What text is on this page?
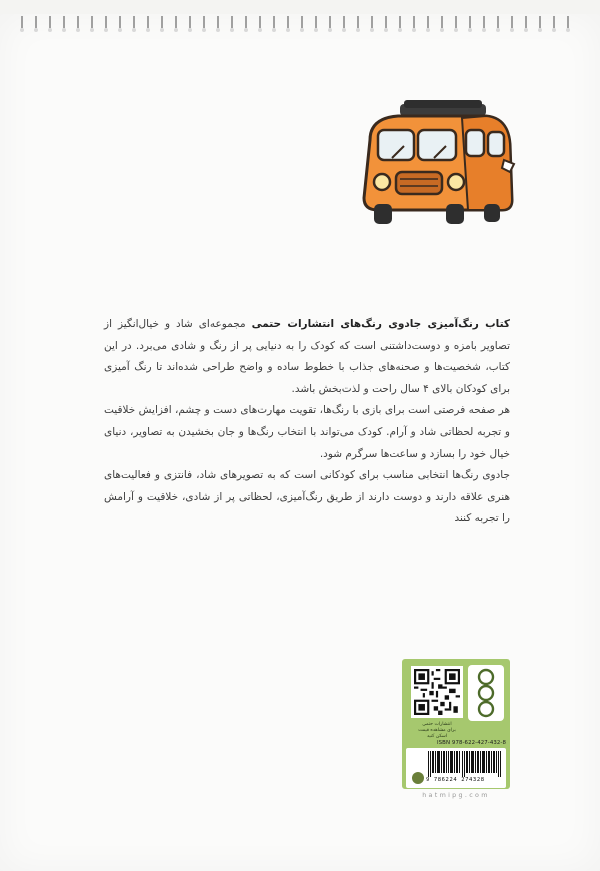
کتاب رنگ‌آمیزی جادوی رنگ‌های انتشارات حتمی مجموعه‌ای شاد و خیال‌انگیز از تصاویر بامزه و دوست‌داشتنی است که کودک را به دنیایی پر از رنگ و شادی می‌برد. در این کتاب، شخصیت‌ها و صحنه‌های جذاب با خطوط ساده و واضح طراحی شده‌اند تا رنگ آمیزی برای کودکان بالای ۴ سال راحت و لذت‌بخش باشد.

هر صفحه فرصتی است برای بازی با رنگ‌ها، تقویت مهارت‌های دست و چشم، افزایش خلاقیت و تجربه لحظاتی شاد و آرام. کودک می‌تواند با انتخاب رنگ‌ها و جان بخشیدن به تصاویر، دنیای خیال خود را بسازد و ساعت‌ها سرگرم شود.

جادوی رنگ‌ها انتخابی مناسب برای کودکانی است که به تصویرهای شاد، فانتزی و فعالیت‌های هنری علاقه دارند و دوست دارند از طریق رنگ‌آمیزی، لحظاتی پر از شادی، خلاقیت و آرامش را تجربه کنند

انتشارات حتمی
برای مشاهده قیمت
اسکن کنید
ISBN 978-622-427-432-8
9 786224 274328
hatmipg.com
